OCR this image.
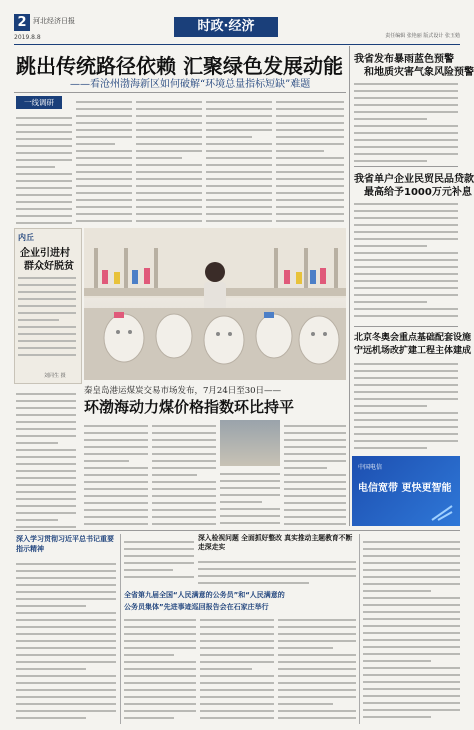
2 河北经济日报
2019.8.8
时政·经济
责任编辑 张艳丽 版式设计 张玉勉
跳出传统路径依赖 汇聚绿色发展动能
——看沧州渤海新区如何破解“环境总量指标短缺”难题
一线调研
内丘
企业引进村
群众好脱贫
刘同生 摄
秦皇岛港运煤炭交易市场发布，7月24日至30日——
环渤海动力煤价格指数环比持平
我省发布暴雨蓝色预警
和地质灾害气象风险预警
我省单户企业民贸民品贷款
最高给予1000万元补息
北京冬奥会重点基础配套设施
宁远机场改扩建工程主体建成
中国电信
电信宽带 更快更智能
深入学习贯彻习近平总书记重要指示精神
深入检视问题 全面抓好整改 真实推动主题教育不断走深走实
全省第九届全国“人民满意的公务员”和“人民满意的
公务员集体”先进事迹巡回报告会在石家庄举行
